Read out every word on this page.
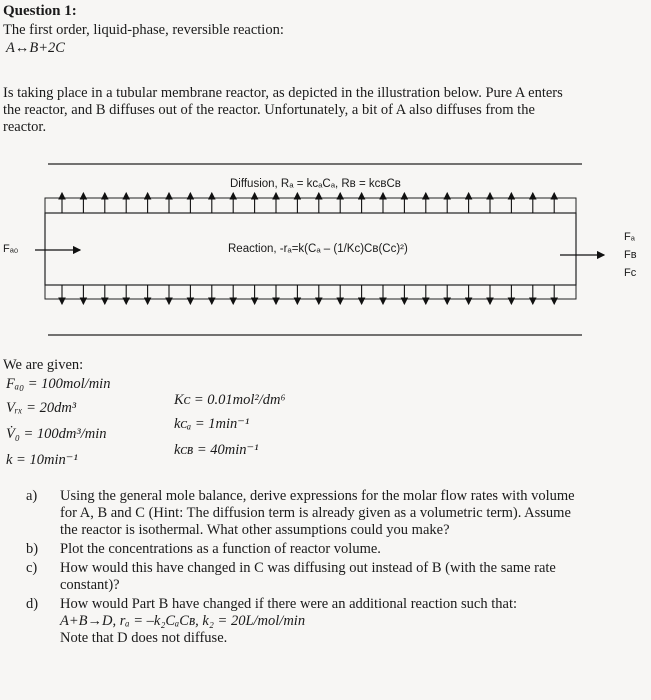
Question 1:
The first order, liquid-phase, reversible reaction:
A↔B+2C
Is taking place in a tubular membrane reactor, as depicted in the illustration below. Pure A enters
the reactor, and B diffuses out of the reactor. Unfortunately, a bit of A also diffuses from the
reactor.
Diffusion, Rₐ = kᴄₐCₐ, Rʙ = kᴄʙCʙ
Reaction, -rₐ=k(Cₐ – (1/Kᴄ)Cʙ(Cᴄ)²)
Fₐ₀
Fₐ
Fʙ
Fᴄ
We are given:
Fₐ₀ = 100mol/min
Vᵣₓ = 20dm³
V̇₀ = 100dm³/min
k = 10min⁻¹
Kᴄ = 0.01mol²/dm⁶
kᴄₐ = 1min⁻¹
kᴄʙ = 40min⁻¹
a) Using the general mole balance, derive expressions for the molar flow rates with volume
for A, B and C (Hint: The diffusion term is already given as a volumetric term). Assume
the reactor is isothermal. What other assumptions could you make?
b) Plot the concentrations as a function of reactor volume.
c) How would this have changed in C was diffusing out instead of B (with the same rate
constant)?
d) How would Part B have changed if there were an additional reaction such that:
A+B→D, rₐ = –k₂CₐCʙ, k₂ = 20L/mol/min
Note that D does not diffuse.
